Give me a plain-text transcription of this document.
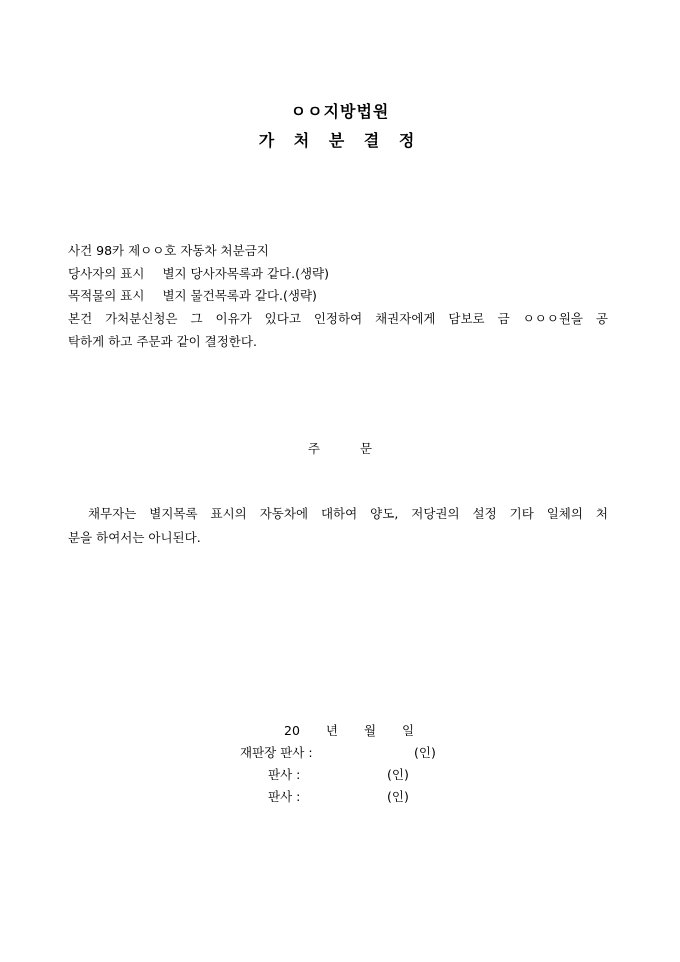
ㅇㅇ지방법원
가 처 분 결 정
사건 98카 제ㅇㅇ호 자동차 처분금지
당사자의 표시 별지 당사자목록과 같다.(생략)
목적물의 표시 별지 물건목록과 같다.(생략)
본건 가처분신청은 그 이유가 있다고 인정하여 채권자에게 담보로 금 ㅇㅇㅇ원을 공
탁하게 하고 주문과 같이 결정한다.
주	문
채무자는 별지목록 표시의 자동차에 대하여 양도, 저당권의 설정 기타 일체의 처
분을 하여서는 아니된다.
20 년 월 일
재판장 판사 :	(인)
판사 :	(인)
판사 :	(인)
